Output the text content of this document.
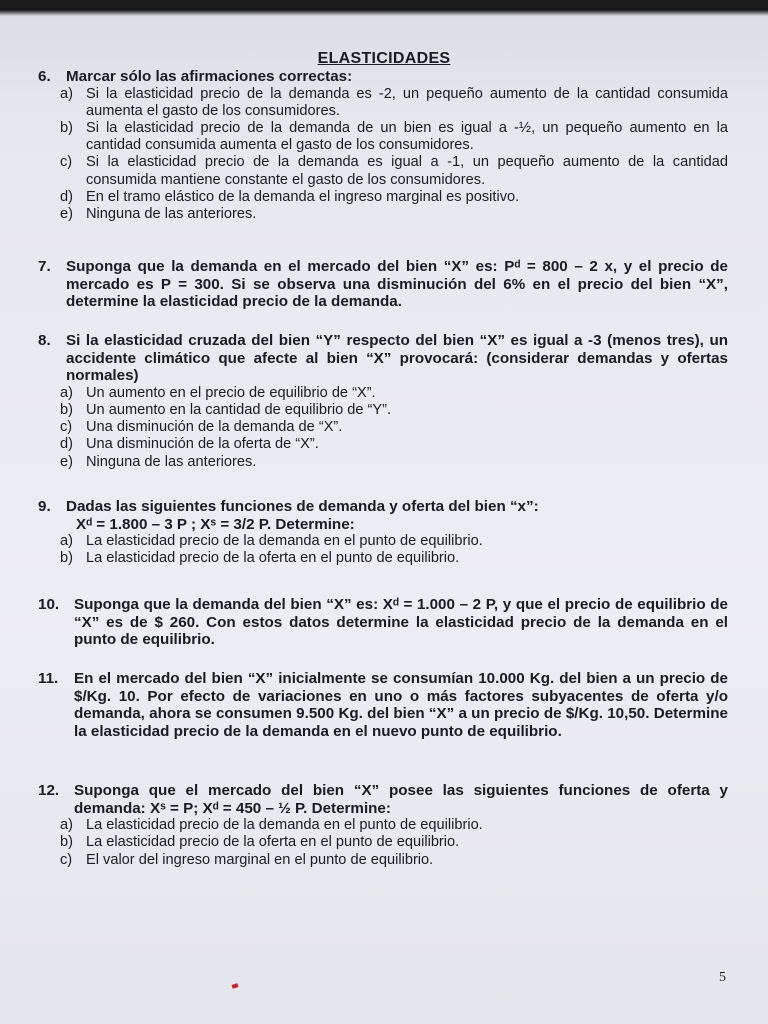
ELASTICIDADES
6.	Marcar sólo las afirmaciones correctas:
a) Si la elasticidad precio de la demanda es -2, un pequeño aumento de la cantidad consumida aumenta el gasto de los consumidores.
b) Si la elasticidad precio de la demanda de un bien es igual a -½, un pequeño aumento en la cantidad consumida aumenta el gasto de los consumidores.
c) Si la elasticidad precio de la demanda es igual a -1, un pequeño aumento de la cantidad consumida mantiene constante el gasto de los consumidores.
d) En el tramo elástico de la demanda el ingreso marginal es positivo.
e) Ninguna de las anteriores.
7.	Suponga que la demanda en el mercado del bien “X” es: Pᵈ = 800 – 2 x, y el precio de mercado es P = 300. Si se observa una disminución del 6% en el precio del bien “X”, determine la elasticidad precio de la demanda.
8.	Si la elasticidad cruzada del bien “Y” respecto del bien “X” es igual a -3 (menos tres), un accidente climático que afecte al bien “X” provocará: (considerar demandas y ofertas normales)
a) Un aumento en el precio de equilibrio de “X”.
b) Un aumento en la cantidad de equilibrio de “Y”.
c) Una disminución de la demanda de “X”.
d) Una disminución de la oferta de “X”.
e) Ninguna de las anteriores.
9.	Dadas las siguientes funciones de demanda y oferta del bien “x”:
Xᵈ = 1.800 – 3 P ; Xˢ = 3/2 P. Determine:
a) La elasticidad precio de la demanda en el punto de equilibrio.
b) La elasticidad precio de la oferta en el punto de equilibrio.
10. Suponga que la demanda del bien “X” es: Xᵈ = 1.000 – 2 P, y que el precio de equilibrio de “X” es de $ 260. Con estos datos determine la elasticidad precio de la demanda en el punto de equilibrio.
11.	En el mercado del bien “X” inicialmente se consumían 10.000 Kg. del bien a un precio de $/Kg. 10. Por efecto de variaciones en uno o más factores subyacentes de oferta y/o demanda, ahora se consumen 9.500 Kg. del bien “X” a un precio de $/Kg. 10,50. Determine la elasticidad precio de la demanda en el nuevo punto de equilibrio.
12. Suponga que el mercado del bien “X” posee las siguientes funciones de oferta y demanda: Xˢ = P; Xᵈ = 450 – ½ P. Determine:
a) La elasticidad precio de la demanda en el punto de equilibrio.
b) La elasticidad precio de la oferta en el punto de equilibrio.
c) El valor del ingreso marginal en el punto de equilibrio.
5
